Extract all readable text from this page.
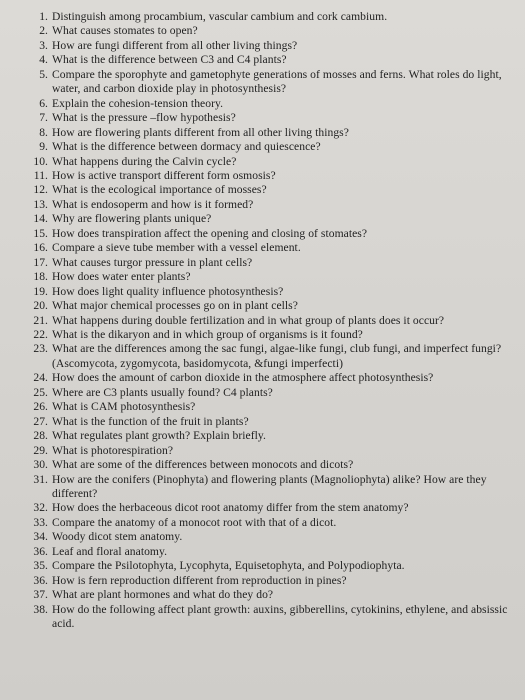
1. Distinguish among procambium, vascular cambium and cork cambium.
2. What causes stomates to open?
3. How are fungi different from all other living things?
4. What is the difference between C3 and C4 plants?
5. Compare the sporophyte and gametophyte generations of mosses and ferns. What roles do light, water, and carbon dioxide play in photosynthesis?
6. Explain the cohesion-tension theory.
7. What is the pressure –flow hypothesis?
8. How are flowering plants different from all other living things?
9. What is the difference between dormacy and quiescence?
10. What happens during the Calvin cycle?
11. How is active transport different form osmosis?
12. What is the ecological importance of mosses?
13. What is endosoperm and how is it formed?
14. Why are flowering plants unique?
15. How does transpiration affect the opening and closing of stomates?
16. Compare a sieve tube member with a vessel element.
17. What causes turgor pressure in plant cells?
18. How does water enter plants?
19. How does light quality influence photosynthesis?
20. What major chemical processes go on in plant cells?
21. What happens during double fertilization and in what group of plants does it occur?
22. What is the dikaryon and in which group of organisms is it found?
23. What are the differences among the sac fungi, algae-like fungi, club fungi, and imperfect fungi? (Ascomycota, zygomycota, basidomycota, &fungi imperfecti)
24. How does the amount of carbon dioxide in the atmosphere affect photosynthesis?
25. Where are C3 plants usually found? C4 plants?
26. What is CAM photosynthesis?
27. What is the function of the fruit in plants?
28. What regulates plant growth? Explain briefly.
29. What is photorespiration?
30. What are some of the differences between monocots and dicots?
31. How are the conifers (Pinophyta) and flowering plants (Magnoliophyta) alike? How are they different?
32. How does the herbaceous dicot root anatomy differ from the stem anatomy?
33. Compare the anatomy of a monocot root with that of a dicot.
34. Woody dicot stem anatomy.
36. Leaf and floral anatomy.
35. Compare the Psilotophyta, Lycophyta, Equisetophyta, and Polypodiophyta.
36. How is fern reproduction different from reproduction in pines?
37. What are plant hormones and what do they do?
38. How do the following affect plant growth: auxins, gibberellins, cytokinins, ethylene, and absissic acid.
